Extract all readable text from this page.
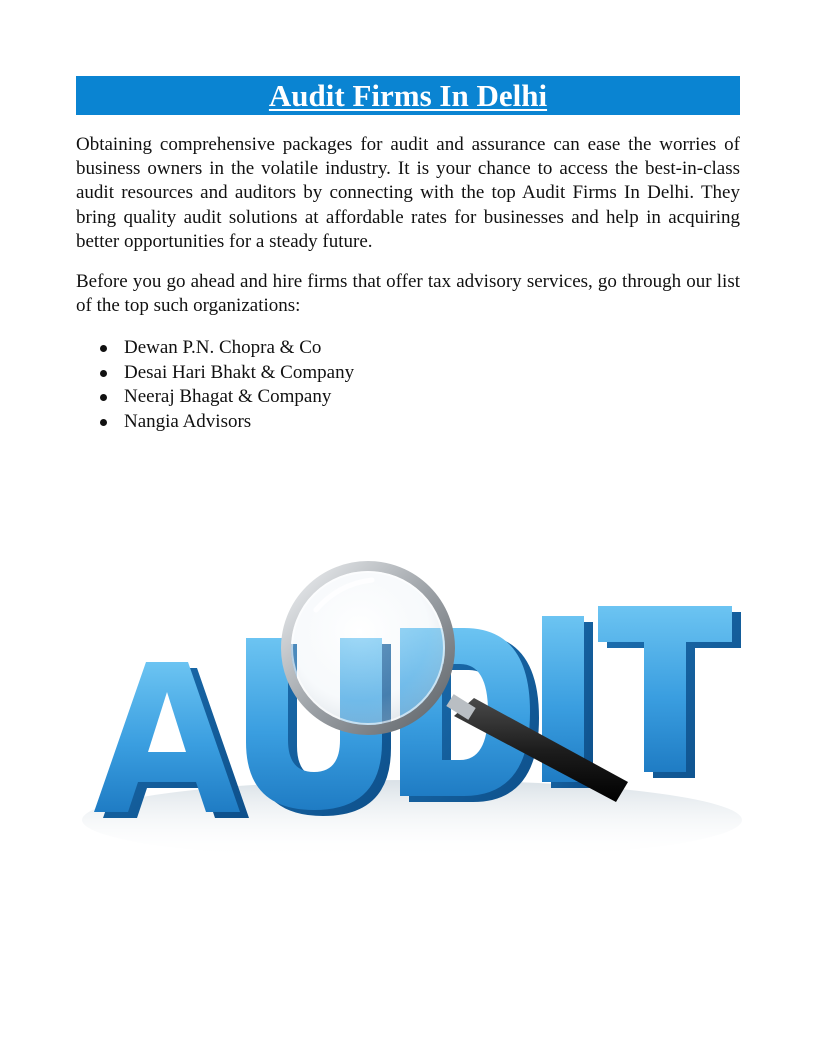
Audit Firms In Delhi

Obtaining comprehensive packages for audit and assurance can ease the worries of business owners in the volatile industry. It is your chance to access the best-in-class audit resources and auditors by connecting with the top Audit Firms In Delhi. They bring quality audit solutions at affordable rates for businesses and help in acquiring better opportunities for a steady future.

Before you go ahead and hire firms that offer tax advisory services, go through our list of the top such organizations:

Dewan P.N. Chopra & Co
Desai Hari Bhakt & Company
Neeraj Bhagat & Company
Nangia Advisors
